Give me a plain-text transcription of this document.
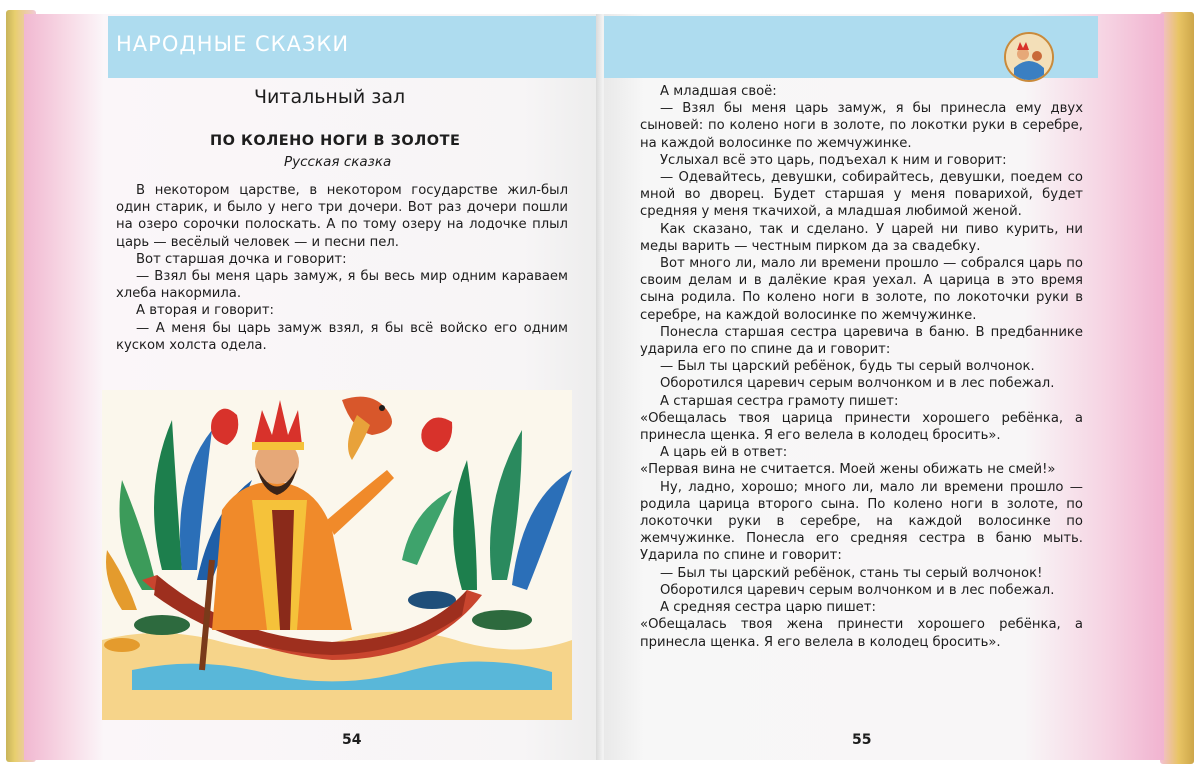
НАРОДНЫЕ СКАЗКИ
Читальный зал
ПО КОЛЕНО НОГИ В ЗОЛОТЕ
Русская сказка

В некотором царстве, в некотором государстве жил-был один старик, и было у него три дочери. Вот раз дочери пошли на озеро сорочки полоскать. А по тому озеру на лодочке плыл царь — весёлый человек — и песни пел.

Вот старшая дочка и говорит:

— Взял бы меня царь замуж, я бы весь мир одним караваем хлеба накормила.

А вторая и говорит:

— А меня бы царь замуж взял, я бы всё войско его одним куском холста одела.

54

А младшая своё:

— Взял бы меня царь замуж, я бы принесла ему двух сыновей: по колено ноги в золоте, по локотки руки в серебре, на каждой волосинке по жемчужинке.

Услыхал всё это царь, подъехал к ним и говорит:

— Одевайтесь, девушки, собирайтесь, девушки, поедем со мной во дворец. Будет старшая у меня поварихой, будет средняя у меня ткачихой, а младшая любимой женой.

Как сказано, так и сделано. У царей ни пиво курить, ни меды варить — честным пирком да за свадебку.

Вот много ли, мало ли времени прошло — собрался царь по своим делам и в далёкие края уехал. А царица в это время сына родила. По колено ноги в золоте, по локоточки руки в серебре, на каждой волосинке по жемчужинке.

Понесла старшая сестра царевича в баню. В предбаннике ударила его по спине да и говорит:

— Был ты царский ребёнок, будь ты серый волчонок.

Оборотился царевич серым волчонком и в лес побежал.

А старшая сестра грамоту пишет:

«Обещалась твоя царица принести хорошего ребёнка, а принесла щенка. Я его велела в колодец бросить».

А царь ей в ответ:

«Первая вина не считается. Моей жены обижать не смей!»

Ну, ладно, хорошо; много ли, мало ли времени прошло — родила царица второго сына. По колено ноги в золоте, по локоточки руки в серебре, на каждой волосинке по жемчужинке. Понесла его средняя сестра в баню мыть. Ударила по спине и говорит:

— Был ты царский ребёнок, стань ты серый волчонок!

Оборотился царевич серым волчонком и в лес побежал.

А средняя сестра царю пишет:

«Обещалась твоя жена принести хорошего ребёнка, а принесла щенка. Я его велела в колодец бросить».

55
